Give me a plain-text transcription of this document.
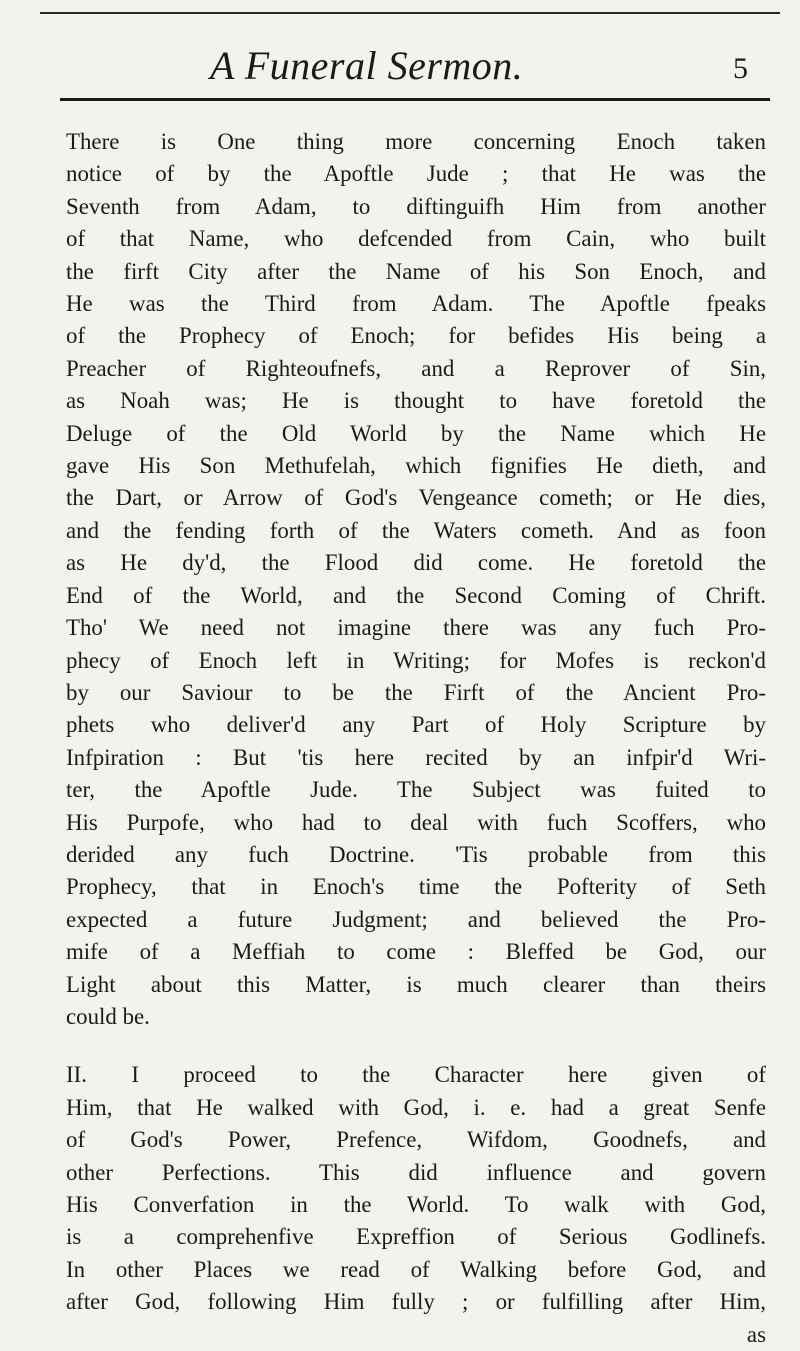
A Funeral Sermon.	5
There is One thing more concerning Enoch taken
notice of by the Apoftle Jude ; that He was the
Seventh from Adam, to diftinguifh Him from another
of that Name, who defcended from Cain, who built
the firft City after the Name of his Son Enoch, and
He was the Third from Adam. The Apoftle fpeaks
of the Prophecy of Enoch; for befides His being a
Preacher of Righteoufnefs, and a Reprover of Sin,
as Noah was; He is thought to have foretold the
Deluge of the Old World by the Name which He
gave His Son Methufelah, which fignifies He dieth, and
the Dart, or Arrow of God's Vengeance cometh; or He dies,
and the fending forth of the Waters cometh. And as foon
as He dy'd, the Flood did come. He foretold the
End of the World, and the Second Coming of Chrift.
Tho' We need not imagine there was any fuch Pro-
phecy of Enoch left in Writing; for Mofes is reckon'd
by our Saviour to be the Firft of the Ancient Pro-
phets who deliver'd any Part of Holy Scripture by
Infpiration : But 'tis here recited by an infpir'd Wri-
ter, the Apoftle Jude. The Subject was fuited to
His Purpofe, who had to deal with fuch Scoffers, who
derided any fuch Doctrine. 'Tis probable from this
Prophecy, that in Enoch's time the Pofterity of Seth
expected a future Judgment; and believed the Pro-
mife of a Meffiah to come : Bleffed be God, our
Light about this Matter, is much clearer than theirs
could be.
II. I proceed to the Character here given of
Him, that He walked with God, i. e. had a great Senfe
of God's Power, Prefence, Wifdom, Goodnefs, and
other Perfections. This did influence and govern
His Converfation in the World. To walk with God,
is a comprehenfive Expreffion of Serious Godlinefs.
In other Places we read of Walking before God, and
after God, following Him fully ; or fulfilling after Him,
as
